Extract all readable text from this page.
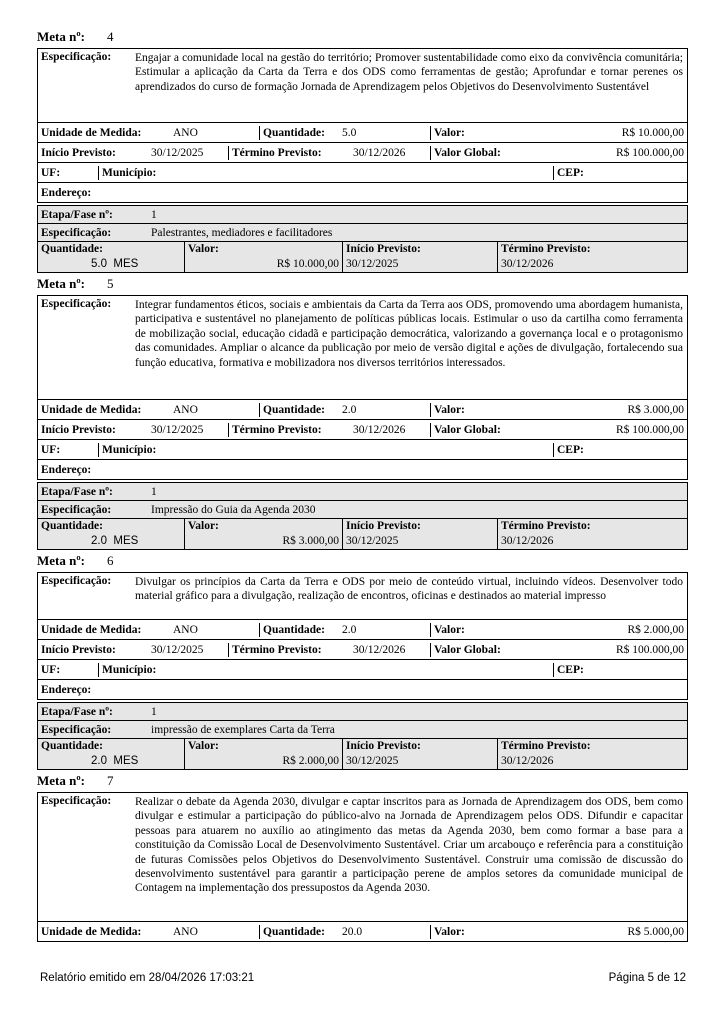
Meta nº: 4
Especificação:	Engajar a comunidade local na gestão do território; Promover sustentabilidade como eixo da convivência comunitária; Estimular a aplicação da Carta da Terra e dos ODS como ferramentas de gestão; Aprofundar e tornar perenes os aprendizados do curso de formação Jornada de Aprendizagem pelos Objetivos do Desenvolvimento Sustentável
Unidade de Medida:	ANO	Quantidade:	5.0	Valor:	R$ 10.000,00
Início Previsto:	30/12/2025	Término Previsto:	30/12/2026	Valor Global:	R$ 100.000,00
UF:	Município:	CEP:
Endereço:
Etapa/Fase nº:	1
Especificação:	Palestrantes, mediadores e facilitadores
Quantidade:
5.0 MES
Valor:
R$ 10.000,00
Início Previsto:
30/12/2025
Término Previsto:
30/12/2026
Meta nº: 5
Especificação:	Integrar fundamentos éticos, sociais e ambientais da Carta da Terra aos ODS, promovendo uma abordagem humanista, participativa e sustentável no planejamento de políticas públicas locais. Estimular o uso da cartilha como ferramenta de mobilização social, educação cidadã e participação democrática, valorizando a governança local e o protagonismo das comunidades. Ampliar o alcance da publicação por meio de versão digital e ações de divulgação, fortalecendo sua função educativa, formativa e mobilizadora nos diversos territórios interessados.
Unidade de Medida:	ANO	Quantidade:	2.0	Valor:	R$ 3.000,00
Início Previsto:	30/12/2025	Término Previsto:	30/12/2026	Valor Global:	R$ 100.000,00
UF:	Município:	CEP:
Endereço:
Etapa/Fase nº:	1
Especificação:	Impressão do Guia da Agenda 2030
Quantidade:
2.0 MES
Valor:
R$ 3.000,00
Início Previsto:
30/12/2025
Término Previsto:
30/12/2026
Meta nº: 6
Especificação:	Divulgar os princípios da Carta da Terra e ODS por meio de conteúdo virtual, incluindo vídeos. Desenvolver todo material gráfico para a divulgação, realização de encontros, oficinas e destinados ao material impresso
Unidade de Medida:	ANO	Quantidade:	2.0	Valor:	R$ 2.000,00
Início Previsto:	30/12/2025	Término Previsto:	30/12/2026	Valor Global:	R$ 100.000,00
UF:	Município:	CEP:
Endereço:
Etapa/Fase nº:	1
Especificação:	impressão de exemplares Carta da Terra
Quantidade:
2.0 MES
Valor:
R$ 2.000,00
Início Previsto:
30/12/2025
Término Previsto:
30/12/2026
Meta nº: 7
Especificação:	Realizar o debate da Agenda 2030, divulgar e captar inscritos para as Jornada de Aprendizagem dos ODS, bem como divulgar e estimular a participação do público-alvo na Jornada de Aprendizagem pelos ODS. Difundir e capacitar pessoas para atuarem no auxílio ao atingimento das metas da Agenda 2030, bem como formar a base para a constituição da Comissão Local de Desenvolvimento Sustentável. Criar um arcabouço e referência para a constituição de futuras Comissões pelos Objetivos do Desenvolvimento Sustentável. Construir uma comissão de discussão do desenvolvimento sustentável para garantir a participação perene de amplos setores da comunidade municipal de Contagem na implementação dos pressupostos da Agenda 2030.
Unidade de Medida:	ANO	Quantidade:	20.0	Valor:	R$ 5.000,00
Relatório emitido em 28/04/2026 17:03:21	Página 5 de 12
